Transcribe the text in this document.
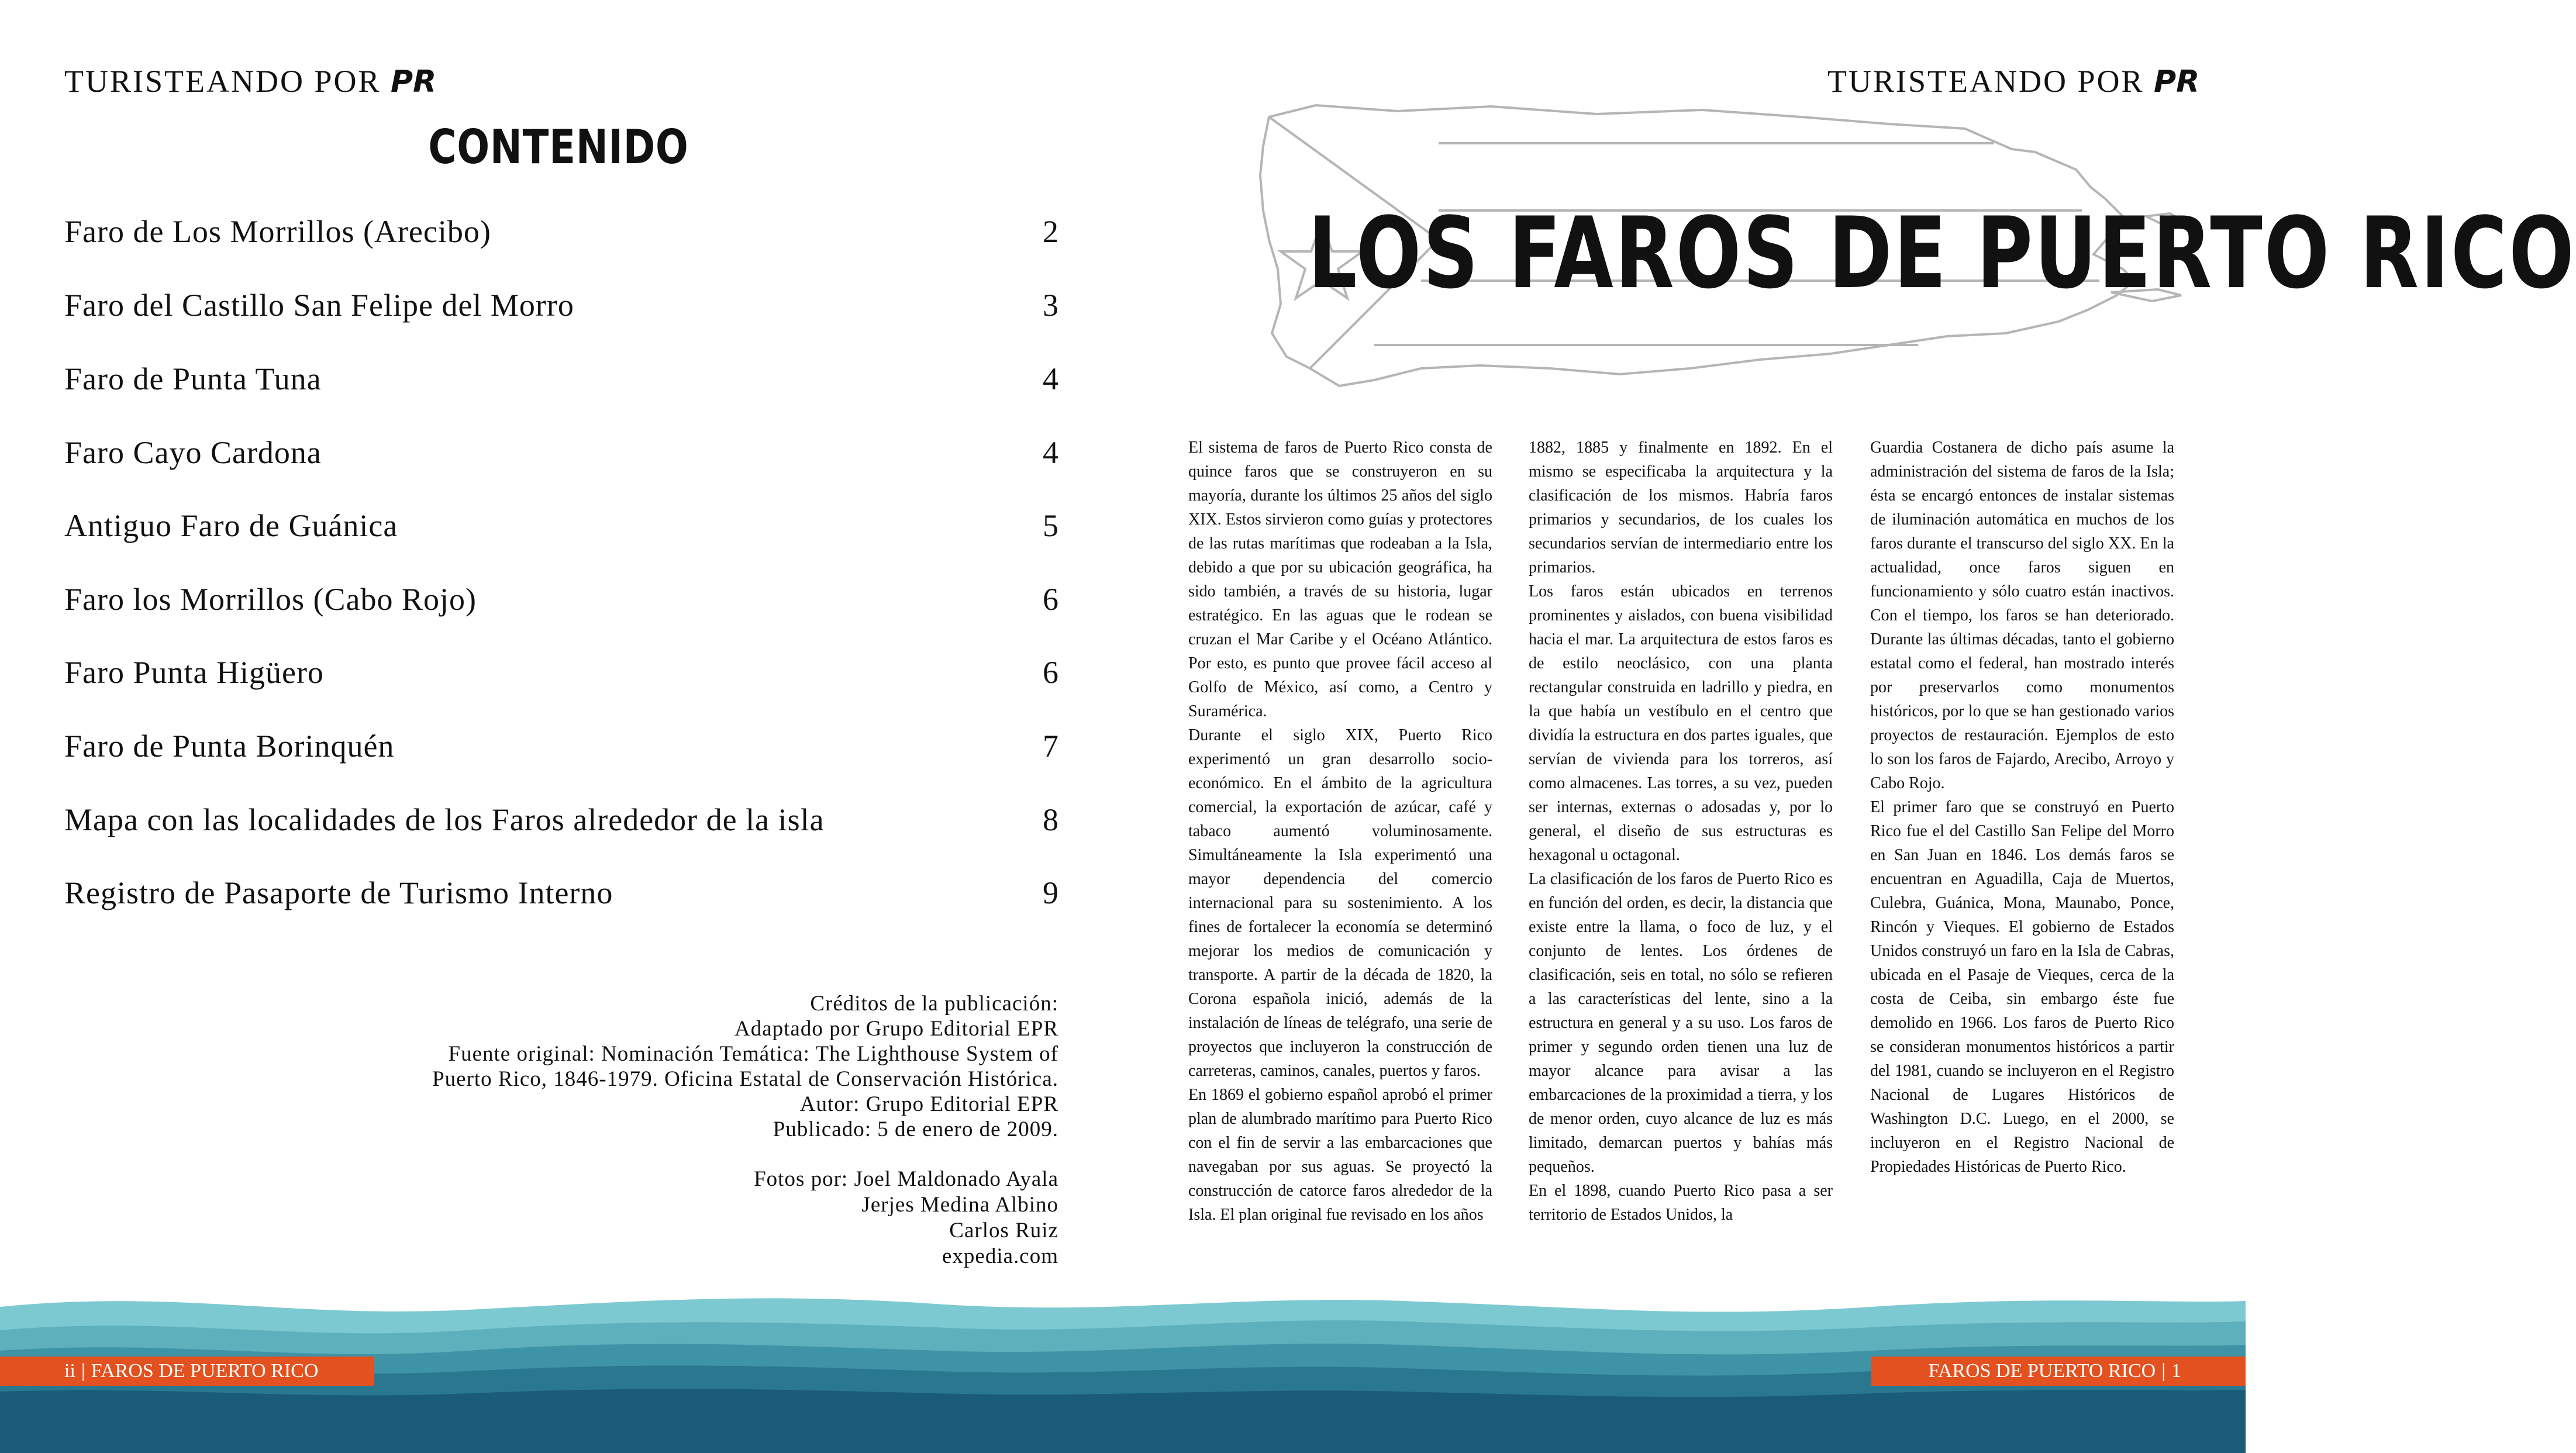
TURISTEANDO POR PR	TURISTEANDO POR PR
CONTENIDO
Faro de Los Morrillos (Arecibo)	2
Faro del Castillo San Felipe del Morro	3
Faro de Punta Tuna	4
Faro Cayo Cardona	4
Antiguo Faro de Guánica	5
Faro los Morrillos (Cabo Rojo)	6
Faro Punta Higüero	6
Faro de Punta Borinquén	7
Mapa con las localidades de los Faros alrededor de la isla	8
Registro de Pasaporte de Turismo Interno	9
Créditos de la publicación:
Adaptado por Grupo Editorial EPR
Fuente original: Nominación Temática: The Lighthouse System of
Puerto Rico, 1846-1979. Oficina Estatal de Conservación Histórica.
Autor: Grupo Editorial EPR
Publicado: 5 de enero de 2009.
Fotos por: Joel Maldonado Ayala
Jerjes Medina Albino
Carlos Ruiz
expedia.com
LOS FAROS DE PUERTO RICO

El sistema de faros de Puerto Rico consta de quince faros que se construyeron en su mayoría, durante los últimos 25 años del siglo XIX. Estos sirvieron como guías y protectores de las rutas marítimas que rodeaban a la Isla, debido a que por su ubicación geográfica, ha sido también, a través de su historia, lugar estratégico. En las aguas que le rodean se cruzan el Mar Caribe y el Océano Atlántico. Por esto, es punto que provee fácil acceso al Golfo de México, así como, a Centro y Suramérica.

Durante el siglo XIX, Puerto Rico experimentó un gran desarrollo socio-económico. En el ámbito de la agricultura comercial, la exportación de azúcar, café y tabaco aumentó voluminosamente. Simultáneamente la Isla experimentó una mayor dependencia del comercio internacional para su sostenimiento. A los fines de fortalecer la economía se determinó mejorar los medios de comunicación y transporte. A partir de la década de 1820, la Corona española inició, además de la instalación de líneas de telégrafo, una serie de proyectos que incluyeron la construcción de carreteras, caminos, canales, puertos y faros.

En 1869 el gobierno español aprobó el primer plan de alumbrado marítimo para Puerto Rico con el fin de servir a las embarcaciones que navegaban por sus aguas. Se proyectó la construcción de catorce faros alrededor de la Isla. El plan original fue revisado en los años

1882, 1885 y finalmente en 1892. En el mismo se especificaba la arquitectura y la clasificación de los mismos. Habría faros primarios y secundarios, de los cuales los secundarios servían de intermediario entre los primarios.

Los faros están ubicados en terrenos prominentes y aislados, con buena visibilidad hacia el mar. La arquitectura de estos faros es de estilo neoclásico, con una planta rectangular construida en ladrillo y piedra, en la que había un vestíbulo en el centro que dividía la estructura en dos partes iguales, que servían de vivienda para los torreros, así como almacenes. Las torres, a su vez, pueden ser internas, externas o adosadas y, por lo general, el diseño de sus estructuras es hexagonal u octagonal.

La clasificación de los faros de Puerto Rico es en función del orden, es decir, la distancia que existe entre la llama, o foco de luz, y el conjunto de lentes. Los órdenes de clasificación, seis en total, no sólo se refieren a las características del lente, sino a la estructura en general y a su uso. Los faros de primer y segundo orden tienen una luz de mayor alcance para avisar a las embarcaciones de la proximidad a tierra, y los de menor orden, cuyo alcance de luz es más limitado, demarcan puertos y bahías más pequeños.

En el 1898, cuando Puerto Rico pasa a ser territorio de Estados Unidos, la

Guardia Costanera de dicho país asume la administración del sistema de faros de la Isla; ésta se encargó entonces de instalar sistemas de iluminación automática en muchos de los faros durante el transcurso del siglo XX. En la actualidad, once faros siguen en funcionamiento y sólo cuatro están inactivos. Con el tiempo, los faros se han deteriorado. Durante las últimas décadas, tanto el gobierno estatal como el federal, han mostrado interés por preservarlos como monumentos históricos, por lo que se han gestionado varios proyectos de restauración. Ejemplos de esto lo son los faros de Fajardo, Arecibo, Arroyo y Cabo Rojo.

El primer faro que se construyó en Puerto Rico fue el del Castillo San Felipe del Morro en San Juan en 1846. Los demás faros se encuentran en Aguadilla, Caja de Muertos, Culebra, Guánica, Mona, Maunabo, Ponce, Rincón y Vieques. El gobierno de Estados Unidos construyó un faro en la Isla de Cabras, ubicada en el Pasaje de Vieques, cerca de la costa de Ceiba, sin embargo éste fue demolido en 1966. Los faros de Puerto Rico se consideran monumentos históricos a partir del 1981, cuando se incluyeron en el Registro Nacional de Lugares Históricos de Washington D.C. Luego, en el 2000, se incluyeron en el Registro Nacional de Propiedades Históricas de Puerto Rico.

ii | FAROS DE PUERTO RICO	FAROS DE PUERTO RICO | 1
